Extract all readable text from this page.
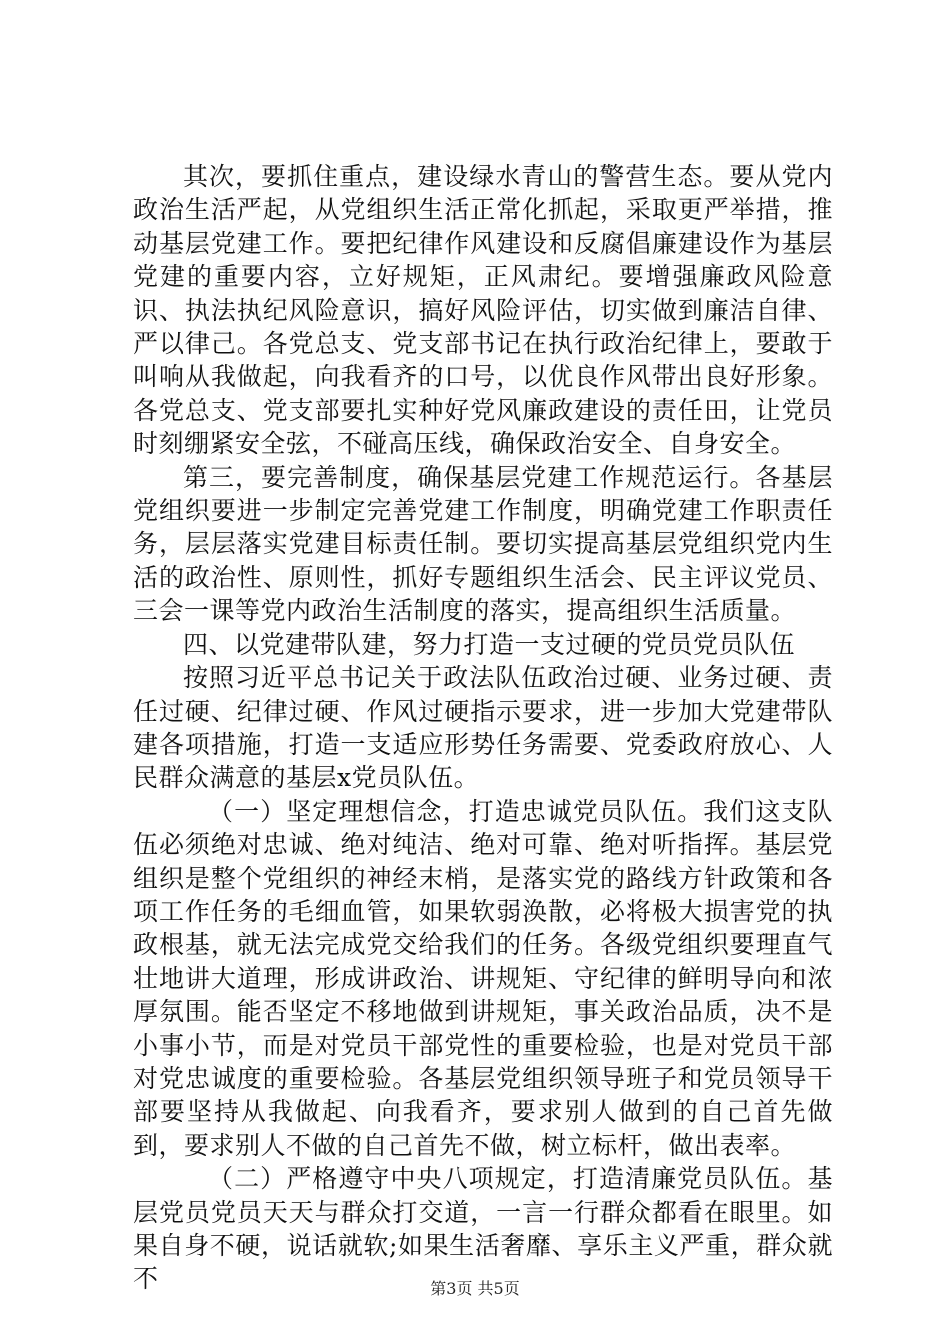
其次，要抓住重点，建设绿水青山的警营生态。要从党内政治生活严起，从党组织生活正常化抓起，采取更严举措，推动基层党建工作。要把纪律作风建设和反腐倡廉建设作为基层党建的重要内容，立好规矩，正风肃纪。要增强廉政风险意识、执法执纪风险意识，搞好风险评估，切实做到廉洁自律、严以律己。各党总支、党支部书记在执行政治纪律上，要敢于叫响从我做起，向我看齐的口号，以优良作风带出良好形象。各党总支、党支部要扎实种好党风廉政建设的责任田，让党员时刻绷紧安全弦，不碰高压线，确保政治安全、自身安全。

第三，要完善制度，确保基层党建工作规范运行。各基层党组织要进一步制定完善党建工作制度，明确党建工作职责任务，层层落实党建目标责任制。要切实提高基层党组织党内生活的政治性、原则性，抓好专题组织生活会、民主评议党员、三会一课等党内政治生活制度的落实，提高组织生活质量。

四、以党建带队建，努力打造一支过硬的党员党员队伍

按照习近平总书记关于政法队伍政治过硬、业务过硬、责任过硬、纪律过硬、作风过硬指示要求，进一步加大党建带队建各项措施，打造一支适应形势任务需要、党委政府放心、人民群众满意的基层x党员队伍。

（一）坚定理想信念，打造忠诚党员队伍。我们这支队伍必须绝对忠诚、绝对纯洁、绝对可靠、绝对听指挥。基层党组织是整个党组织的神经末梢，是落实党的路线方针政策和各项工作任务的毛细血管，如果软弱涣散，必将极大损害党的执政根基，就无法完成党交给我们的任务。各级党组织要理直气壮地讲大道理，形成讲政治、讲规矩、守纪律的鲜明导向和浓厚氛围。能否坚定不移地做到讲规矩，事关政治品质，决不是小事小节，而是对党员干部党性的重要检验，也是对党员干部对党忠诚度的重要检验。各基层党组织领导班子和党员领导干部要坚持从我做起、向我看齐，要求别人做到的自己首先做到，要求别人不做的自己首先不做，树立标杆，做出表率。

（二）严格遵守中央八项规定，打造清廉党员队伍。基层党员党员天天与群众打交道，一言一行群众都看在眼里。如果自身不硬，说话就软;如果生活奢靡、享乐主义严重，群众就不	第3页 共5页
